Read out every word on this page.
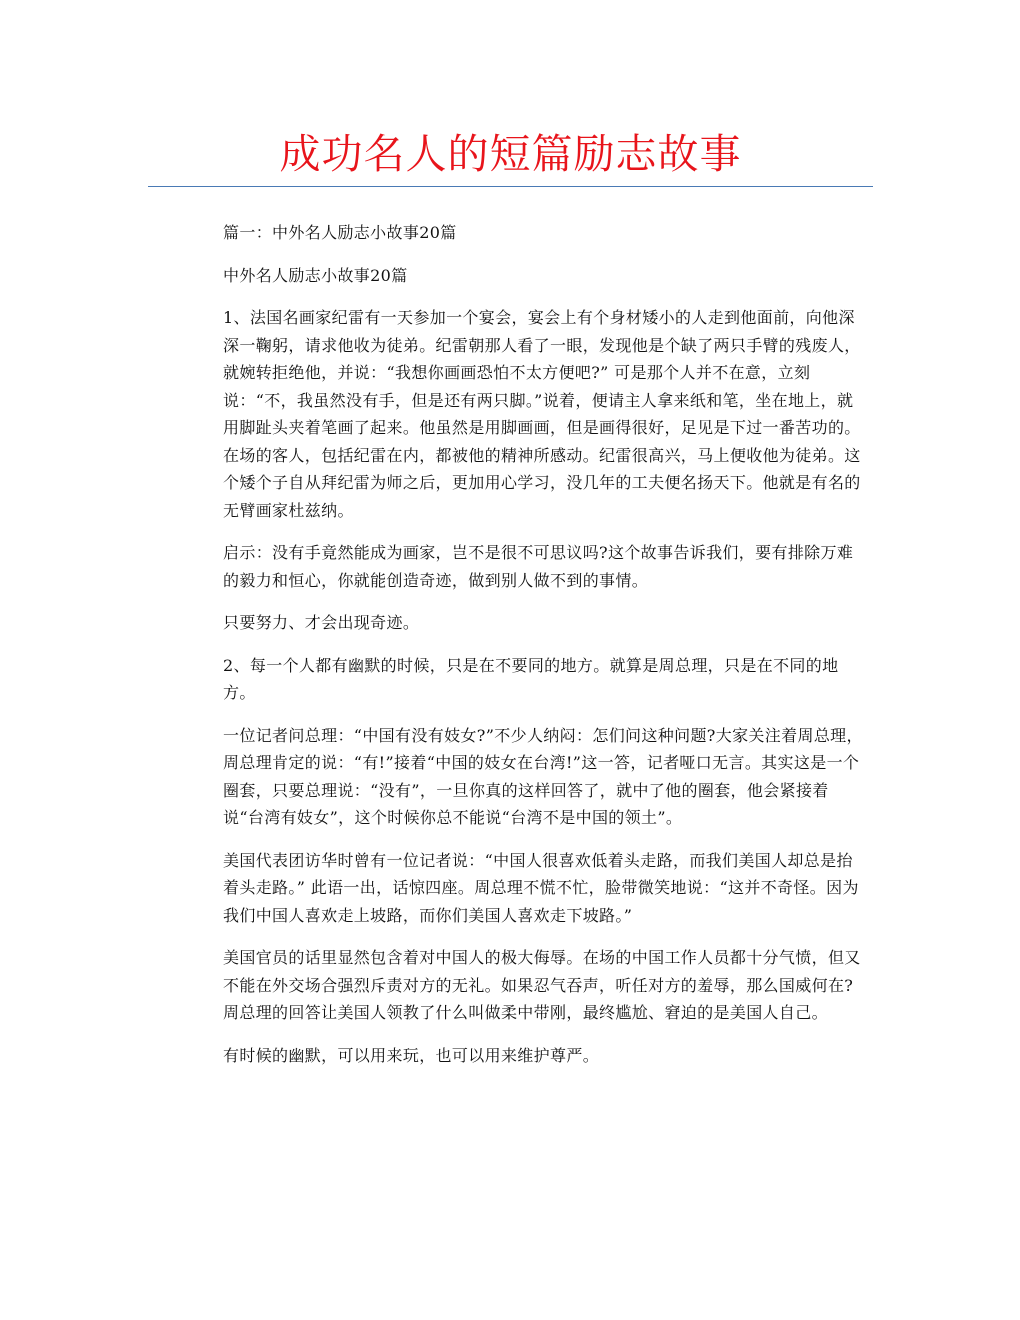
成功名人的短篇励志故事

篇一：中外名人励志小故事20篇

中外名人励志小故事20篇

1、法国名画家纪雷有一天参加一个宴会，宴会上有个身材矮小的人走到他面前，向他深深一鞠躬，请求他收为徒弟。纪雷朝那人看了一眼，发现他是个缺了两只手臂的残废人，就婉转拒绝他，并说：“我想你画画恐怕不太方便吧?” 可是那个人并不在意，立刻说：“不，我虽然没有手，但是还有两只脚。”说着，便请主人拿来纸和笔，坐在地上，就用脚趾头夹着笔画了起来。他虽然是用脚画画，但是画得很好，足见是下过一番苦功的。在场的客人，包括纪雷在内，都被他的精神所感动。纪雷很高兴，马上便收他为徒弟。这个矮个子自从拜纪雷为师之后，更加用心学习，没几年的工夫便名扬天下。他就是有名的无臂画家杜兹纳。

启示：没有手竟然能成为画家，岂不是很不可思议吗?这个故事告诉我们，要有排除万难的毅力和恒心，你就能创造奇迹，做到别人做不到的事情。

只要努力、才会出现奇迹。

2、每一个人都有幽默的时候，只是在不要同的地方。就算是周总理，只是在不同的地方。

一位记者问总理：“中国有没有妓女?”不少人纳闷：怎们问这种问题?大家关注着周总理，周总理肯定的说：“有!”接着“中国的妓女在台湾!”这一答，记者哑口无言。其实这是一个圈套，只要总理说：“没有”，一旦你真的这样回答了，就中了他的圈套，他会紧接着说“台湾有妓女”，这个时候你总不能说“台湾不是中国的领土”。

美国代表团访华时曾有一位记者说：“中国人很喜欢低着头走路，而我们美国人却总是抬着头走路。” 此语一出，话惊四座。周总理不慌不忙，脸带微笑地说：“这并不奇怪。因为我们中国人喜欢走上坡路，而你们美国人喜欢走下坡路。”

美国官员的话里显然包含着对中国人的极大侮辱。在场的中国工作人员都十分气愤，但又不能在外交场合强烈斥责对方的无礼。如果忍气吞声，听任对方的羞辱，那么国威何在?周总理的回答让美国人领教了什么叫做柔中带刚，最终尴尬、窘迫的是美国人自己。

有时候的幽默，可以用来玩，也可以用来维护尊严。
